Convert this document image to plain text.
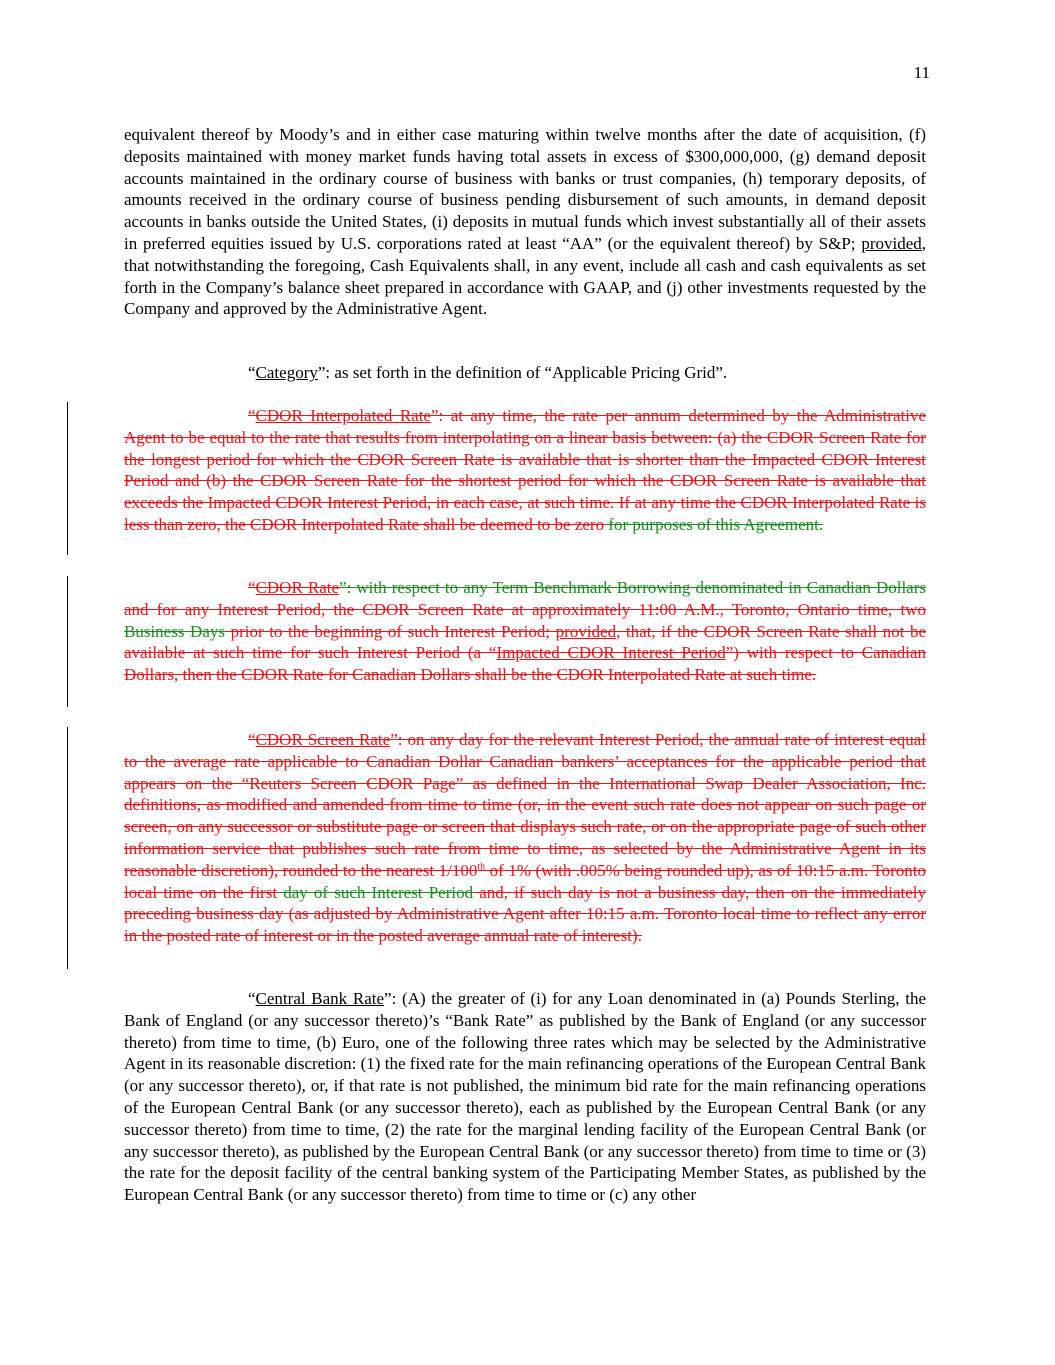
11

equivalent thereof by Moody’s and in either case maturing within twelve months after the date of acquisition, (f) deposits maintained with money market funds having total assets in excess of $300,000,000, (g) demand deposit accounts maintained in the ordinary course of business with banks or trust companies, (h) temporary deposits, of amounts received in the ordinary course of business pending disbursement of such amounts, in demand deposit accounts in banks outside the United States, (i) deposits in mutual funds which invest substantially all of their assets in preferred equities issued by U.S. corporations rated at least “AA” (or the equivalent thereof) by S&P; provided, that notwithstanding the foregoing, Cash Equivalents shall, in any event, include all cash and cash equivalents as set forth in the Company’s balance sheet prepared in accordance with GAAP, and (j) other investments requested by the Company and approved by the Administrative Agent.

“Category”: as set forth in the definition of “Applicable Pricing Grid”.

“CDOR Interpolated Rate”: at any time, the rate per annum determined by the Administrative Agent to be equal to the rate that results from interpolating on a linear basis between: (a) the CDOR Screen Rate for the longest period for which the CDOR Screen Rate is available that is shorter than the Impacted CDOR Interest Period and (b) the CDOR Screen Rate for the shortest period for which the CDOR Screen Rate is available that exceeds the Impacted CDOR Interest Period, in each case, at such time. If at any time the CDOR Interpolated Rate is less than zero, the CDOR Interpolated Rate shall be deemed to be zero for purposes of this Agreement.

“CDOR Rate”: with respect to any Term Benchmark Borrowing denominated in Canadian Dollars and for any Interest Period, the CDOR Screen Rate at approximately 11:00 A.M., Toronto, Ontario time, two Business Days prior to the beginning of such Interest Period; provided, that, if the CDOR Screen Rate shall not be available at such time for such Interest Period (a “Impacted CDOR Interest Period”) with respect to Canadian Dollars, then the CDOR Rate for Canadian Dollars shall be the CDOR Interpolated Rate at such time.

“CDOR Screen Rate”: on any day for the relevant Interest Period, the annual rate of interest equal to the average rate applicable to Canadian Dollar Canadian bankers’ acceptances for the applicable period that appears on the “Reuters Screen CDOR Page” as defined in the International Swap Dealer Association, Inc. definitions, as modified and amended from time to time (or, in the event such rate does not appear on such page or screen, on any successor or substitute page or screen that displays such rate, or on the appropriate page of such other information service that publishes such rate from time to time, as selected by the Administrative Agent in its reasonable discretion), rounded to the nearest 1/100th of 1% (with .005% being rounded up), as of 10:15 a.m. Toronto local time on the first day of such Interest Period and, if such day is not a business day, then on the immediately preceding business day (as adjusted by Administrative Agent after 10:15 a.m. Toronto local time to reflect any error in the posted rate of interest or in the posted average annual rate of interest).

“Central Bank Rate”: (A) the greater of (i) for any Loan denominated in (a) Pounds Sterling, the Bank of England (or any successor thereto)’s “Bank Rate” as published by the Bank of England (or any successor thereto) from time to time, (b) Euro, one of the following three rates which may be selected by the Administrative Agent in its reasonable discretion: (1) the fixed rate for the main refinancing operations of the European Central Bank (or any successor thereto), or, if that rate is not published, the minimum bid rate for the main refinancing operations of the European Central Bank (or any successor thereto), each as published by the European Central Bank (or any successor thereto) from time to time, (2) the rate for the marginal lending facility of the European Central Bank (or any successor thereto), as published by the European Central Bank (or any successor thereto) from time to time or (3) the rate for the deposit facility of the central banking system of the Participating Member States, as published by the European Central Bank (or any successor thereto) from time to time or (c) any other
